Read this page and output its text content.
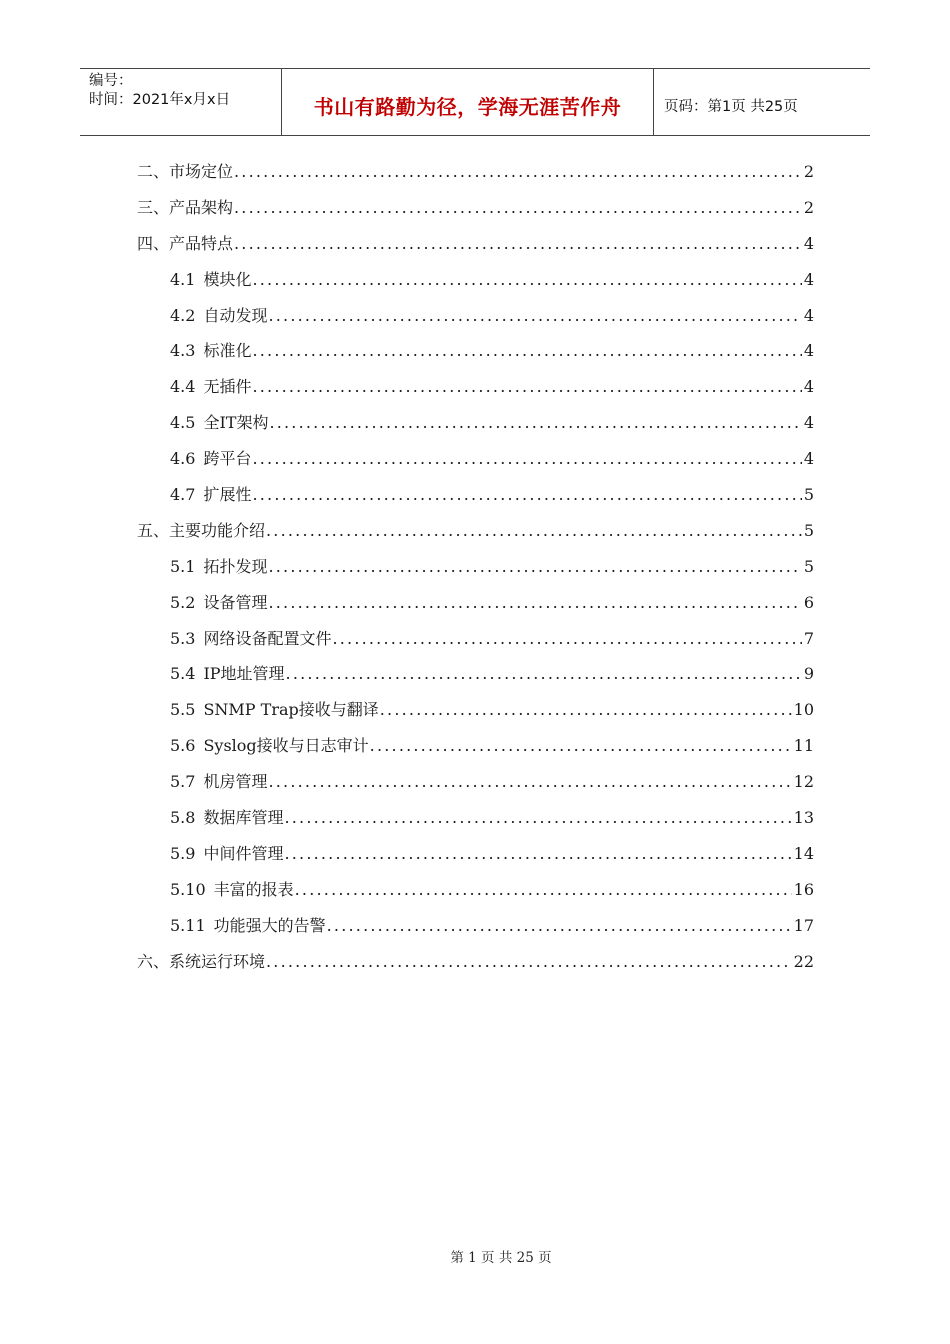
编号：
时间：2021年x月x日	书山有路勤为径，学海无涯苦作舟	页码：第1页 共25页
二、市场定位 .....	2
三、产品架构 .....	2
四、产品特点 .....	4
4.1 模块化 .....	4
4.2 自动发现 .....	4
4.3 标准化 .....	4
4.4 无插件 .....	4
4.5 全IT架构 .....	4
4.6 跨平台 .....	4
4.7 扩展性 .....	5
五、主要功能介绍 .....	5
5.1 拓扑发现 .....	5
5.2 设备管理 .....	6
5.3 网络设备配置文件 .....	7
5.4 IP地址管理 .....	9
5.5 SNMP Trap接收与翻译 .....	10
5.6 Syslog接收与日志审计 .....	11
5.7 机房管理 .....	12
5.8 数据库管理 .....	13
5.9 中间件管理 .....	14
5.10 丰富的报表 .....	16
5.11 功能强大的告警 .....	17
六、系统运行环境 .....	22
第 1 页 共 25 页
